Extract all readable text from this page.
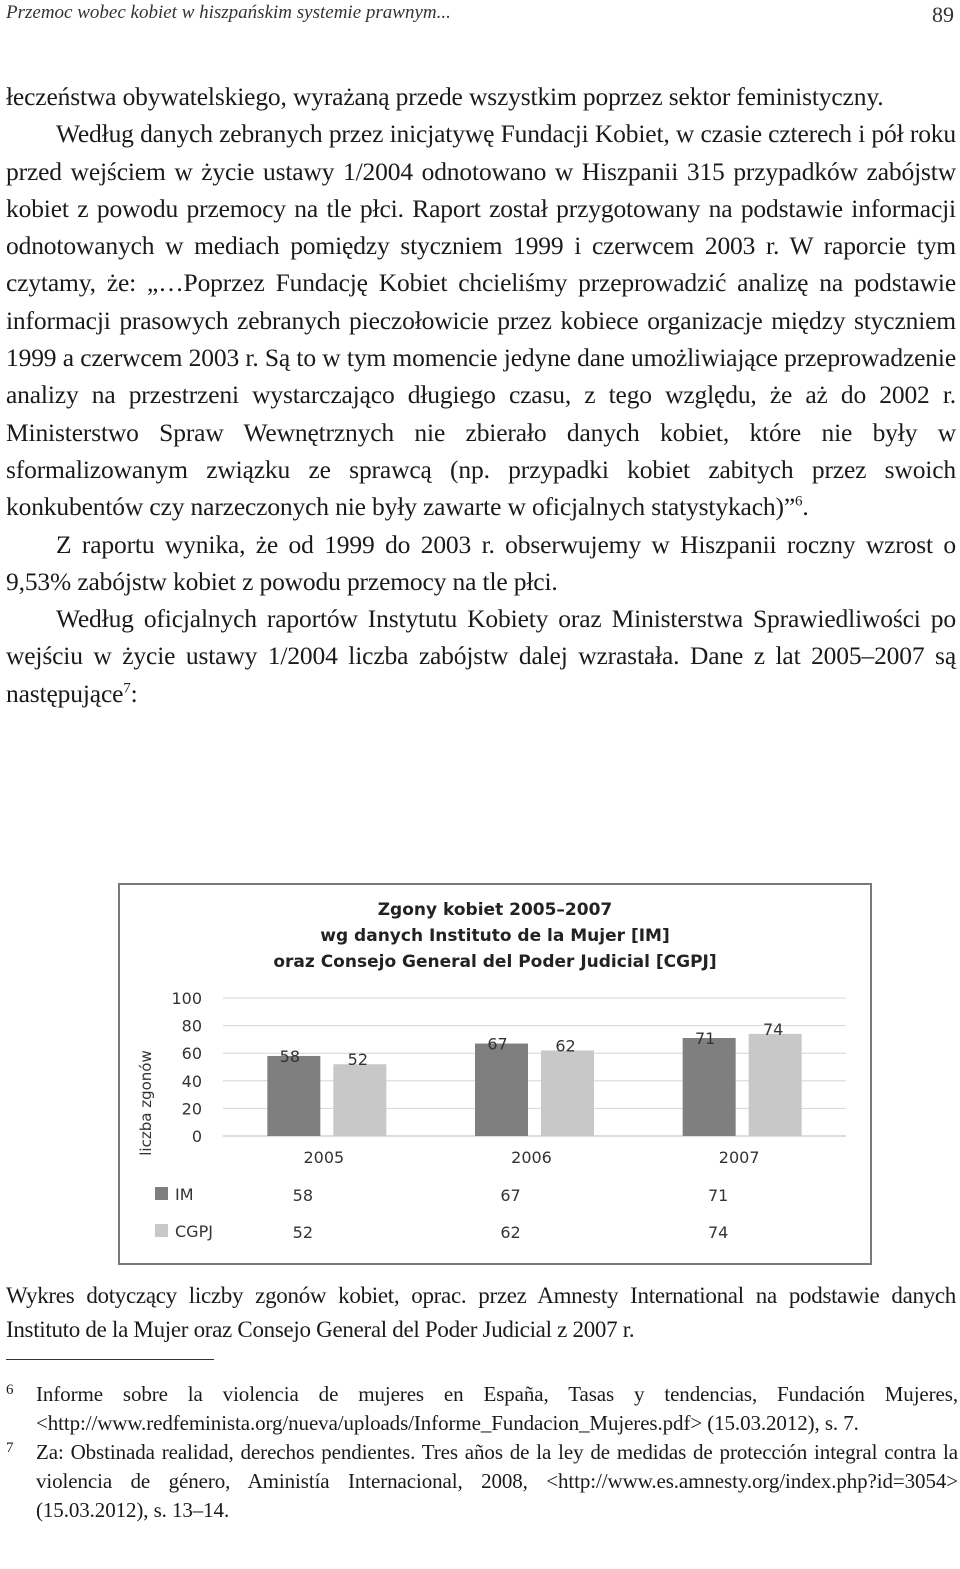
Przemoc wobec kobiet w hiszpańskim systemie prawnym...	89

łeczeństwa obywatelskiego, wyrażaną przede wszystkim poprzez sektor feministyczny.

Według danych zebranych przez inicjatywę Fundacji Kobiet, w czasie czterech i pół roku przed wejściem w życie ustawy 1/2004 odnotowano w Hiszpanii 315 przypadków zabójstw kobiet z powodu przemocy na tle płci. Raport został przygotowany na podstawie informacji odnotowanych w mediach pomiędzy styczniem 1999 i czerwcem 2003 r. W raporcie tym czytamy, że: „…Poprzez Fundację Kobiet chcieliśmy przeprowadzić analizę na podstawie informacji prasowych zebranych pieczołowicie przez kobiece organizacje między styczniem 1999 a czerwcem 2003 r. Są to w tym momencie jedyne dane umożliwiające przeprowadzenie analizy na przestrzeni wystarczająco długiego czasu, z tego względu, że aż do 2002 r. Ministerstwo Spraw Wewnętrznych nie zbierało danych kobiet, które nie były w sformalizowanym związku ze sprawcą (np. przypadki kobiet zabitych przez swoich konkubentów czy narzeczonych nie były zawarte w oficjalnych statystykach)”$^6$.

Z raportu wynika, że od 1999 do 2003 r. obserwujemy w Hiszpanii roczny wzrost o 9,53% zabójstw kobiet z powodu przemocy na tle płci.

Według oficjalnych raportów Instytutu Kobiety oraz Ministerstwa Sprawiedliwości po wejściu w życie ustawy 1/2004 liczba zabójstw dalej wzrastała. Dane z lat 2005–2007 są następujące$^7$:

Zgony kobiet 2005–2007
wg danych Instituto de la Mujer [IM]
oraz Consejo General del Poder Judicial [CGPJ]
liczba zgonów
100
80
60
40
20
0
58	52
67	62	71	74
2005	2006	2007
IM	58	67	71
CGPJ	52	62	74
Wykres dotyczący liczby zgonów kobiet, oprac. przez Amnesty International na podstawie danych Instituto de la Mujer oraz Consejo General del Poder Judicial z 2007 r.
6 Informe sobre la violencia de mujeres en España, Tasas y tendencias, Fundación Mujeres, <http://www.redfeminista.org/nueva/uploads/Informe_Fundacion_Mujeres.pdf> (15.03.2012), s. 7.
7 Za: Obstinada realidad, derechos pendientes. Tres años de la ley de medidas de protección integral contra la violencia de género, Aministía Internacional, 2008, <http://www.es.amnesty.org/index.php?id=3054> (15.03.2012), s. 13–14.
